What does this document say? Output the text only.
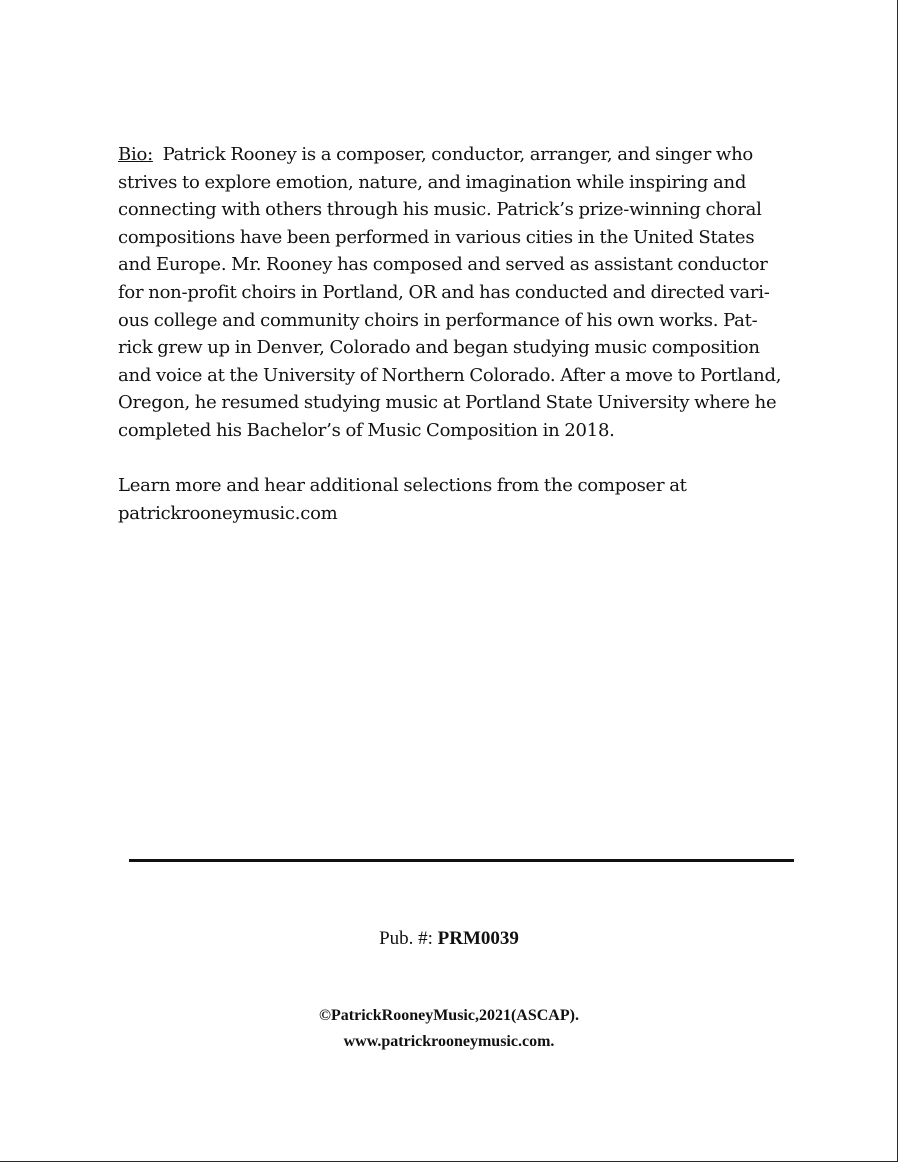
Bio:  Patrick Rooney is a composer, conductor, arranger, and singer who
strives to explore emotion, nature, and imagination while inspiring and
connecting with others through his music. Patrick’s prize-winning choral
compositions have been performed in various cities in the United States
and Europe. Mr. Rooney has composed and served as assistant conductor
for non-profit choirs in Portland, OR and has conducted and directed vari-
ous college and community choirs in performance of his own works. Pat-
rick grew up in Denver, Colorado and began studying music composition
and voice at the University of Northern Colorado. After a move to Portland,
Oregon, he resumed studying music at Portland State University where he
completed his Bachelor’s of Music Composition in 2018.
Learn more and hear additional selections from the composer at
patrickrooneymusic.com
Pub. #: PRM0039
©PatrickRooneyMusic,2021(ASCAP).
www.patrickrooneymusic.com.
